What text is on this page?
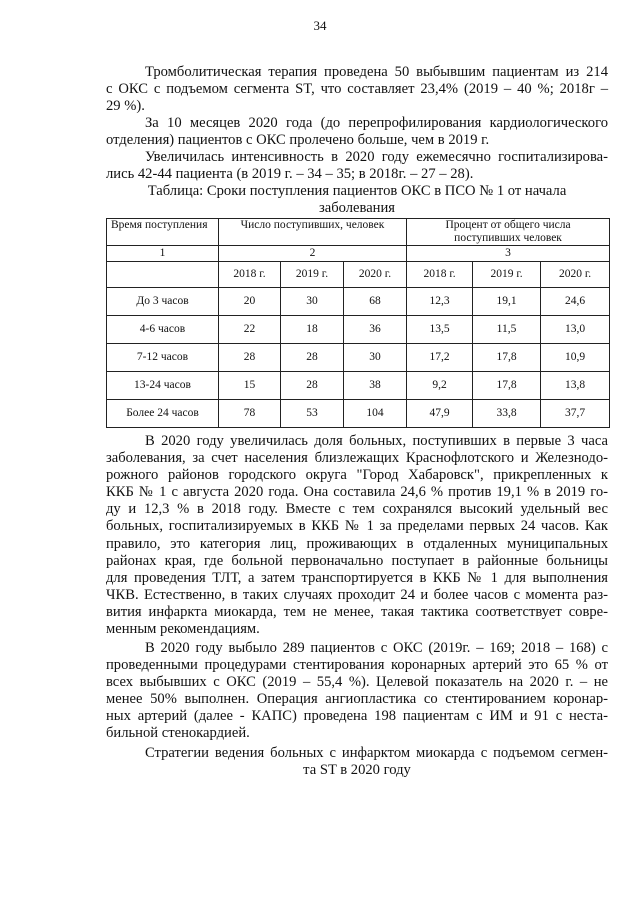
34
Тромболитическая терапия проведена 50 выбывшим пациентам из 214
с ОКС с подъемом сегмента ST, что составляет 23,4% (2019 – 40 %; 2018г –
29 %).
За 10 месяцев 2020 года (до перепрофилирования кардиологического
отделения) пациентов с ОКС пролечено больше, чем в 2019 г.
Увеличилась интенсивность в 2020 году ежемесячно госпитализирова-
лись 42-44 пациента (в 2019 г. – 34 – 35; в 2018г. – 27 – 28).
Таблица: Сроки поступления пациентов ОКС в ПСО № 1 от начала
заболевания
Время поступления	Число поступивших, человек			Процент от общего числа поступивших человек		
1	2			3		
	2018 г.	2019 г.	2020 г.	2018 г.	2019 г.	2020 г.
До 3 часов	20	30	68	12,3	19,1	24,6
4-6 часов	22	18	36	13,5	11,5	13,0
7-12 часов	28	28	30	17,2	17,8	10,9
13-24 часов	15	28	38	9,2	17,8	13,8
Более 24 часов	78	53	104	47,9	33,8	37,7
В 2020 году увеличилась доля больных, поступивших в первые 3 часа
заболевания, за счет населения близлежащих Краснофлотского и Железнодо-
рожного районов городского округа "Город Хабаровск", прикрепленных к
ККБ № 1 с августа 2020 года. Она составила 24,6 % против 19,1 % в 2019 го-
ду и 12,3 % в 2018 году. Вместе с тем сохранялся высокий удельный вес
больных, госпитализируемых в ККБ № 1 за пределами первых 24 часов. Как
правило, это категория лиц, проживающих в отдаленных муниципальных
районах края, где больной первоначально поступает в районные больницы
для проведения ТЛТ, а затем транспортируется в ККБ № 1 для выполнения
ЧКВ. Естественно, в таких случаях проходит 24 и более часов с момента раз-
вития инфаркта миокарда, тем не менее, такая тактика соответствует совре-
менным рекомендациям.
В 2020 году выбыло 289 пациентов с ОКС (2019г. – 169; 2018 – 168) с
проведенными процедурами стентирования коронарных артерий это 65 % от
всех выбывших с ОКС (2019 – 55,4 %). Целевой показатель на 2020 г. – не
менее 50% выполнен. Операция ангиопластика со стентированием коронар-
ных артерий (далее - КАПС) проведена 198 пациентам с ИМ и 91 с неста-
бильной стенокардией.
Стратегии ведения больных с инфарктом миокарда с подъемом сегмен-
та ST в 2020 году
